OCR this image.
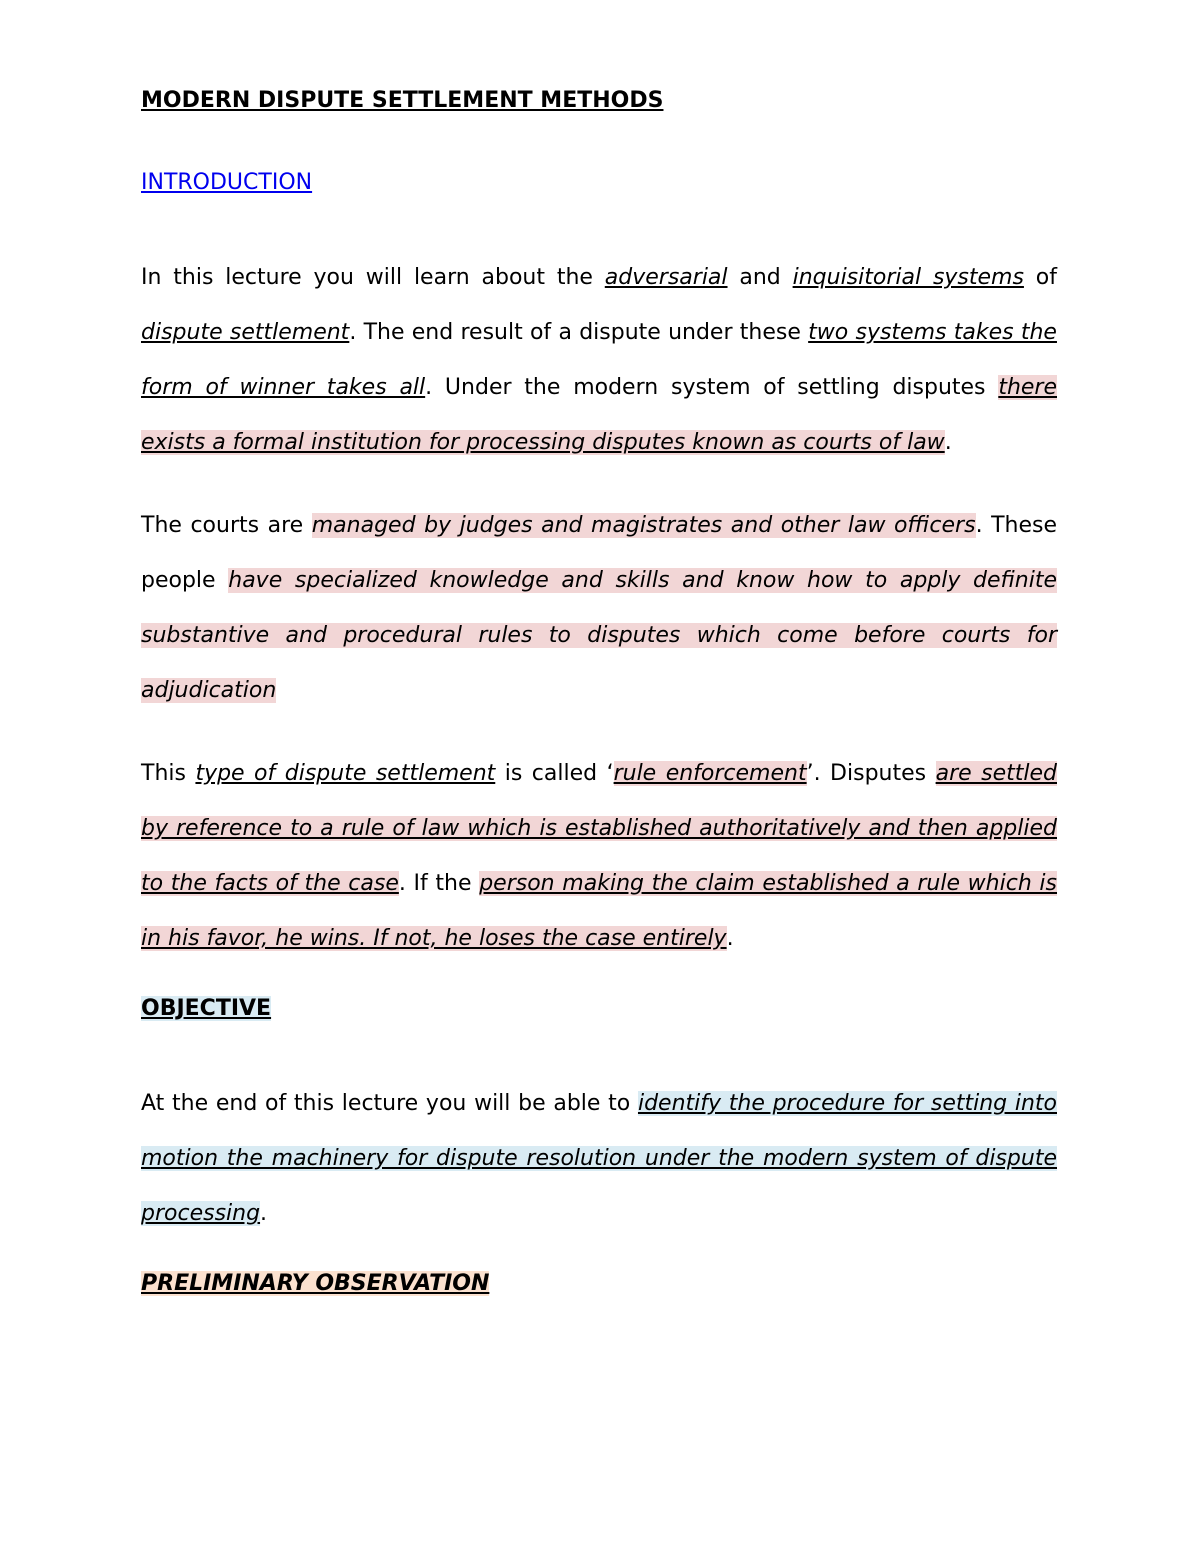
MODERN DISPUTE SETTLEMENT METHODS
INTRODUCTION

In this lecture you will learn about the adversarial and inquisitorial systems of dispute settlement. The end result of a dispute under these two systems takes the form of winner takes all. Under the modern system of settling disputes there exists a formal institution for processing disputes known as courts of law.

The courts are managed by judges and magistrates and other law officers. These people have specialized knowledge and skills and know how to apply definite substantive and procedural rules to disputes which come before courts for adjudication

This type of dispute settlement is called ‘rule enforcement’. Disputes are settled by reference to a rule of law which is established authoritatively and then applied to the facts of the case. If the person making the claim established a rule which is in his favor, he wins. If not, he loses the case entirely.

OBJECTIVE

At the end of this lecture you will be able to identify the procedure for setting into motion the machinery for dispute resolution under the modern system of dispute processing.

PRELIMINARY OBSERVATION
